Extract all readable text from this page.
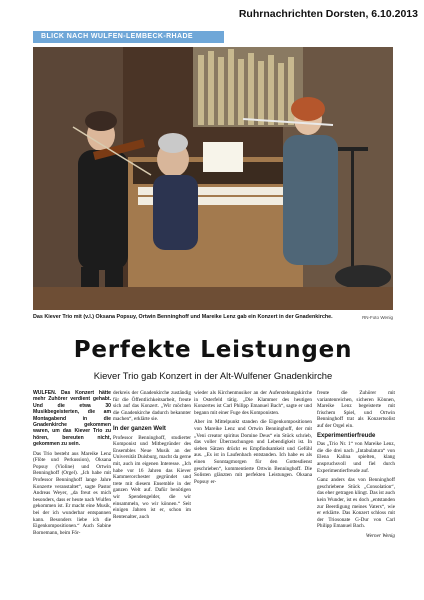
Ruhrnachrichten Dorsten, 6.10.2013
BLICK NACH WULFEN-LEMBECK-RHADE
Das Kiever Trio mit (v.l.) Oksana Popsuy, Ortwin Benninghoff und Mareike Lenz gab ein Konzert in der Gnadenkirche.	RN-Foto Wenig
Perfekte Leistungen
Kiever Trio gab Konzert in der Alt-Wulfener Gnadenkirche

WULFEN. Das Konzert hätte mehr Zuhörer verdient gehabt. Und die etwa 30 Musikbegeisterten, die am Montagabend in die Gnadenkirche gekommen waren, um das Kiever Trio zu hören, bereuten nicht, gekommen zu sein.

Das Trio besteht aus Mareike Lenz (Flöte und Perkussion), Oksana Popsuy (Violine) und Ortwin Benninghoff (Orgel). „Ich habe mit Professor Benninghoff lange Jahre Konzerte veranstaltet“, sagte Pastor Andreas Weyer, „da freut es mich besonders, dass er heute nach Wulfen gekommen ist. Er macht eine Musik, bei der ich wunderbar entspannen kann. Besonders liebe ich die Eigenkompositionen.“ Auch Sabine Bornemann, beim För-

derkreis der Gnadenkirche zuständig für die Öffentlichkeitsarbeit, freute sich auf das Konzert. „Wir möchten die Gnadenkirche dadurch bekannter machen“, erklärte sie.

In der ganzen Welt

Professor Benninghoff, studierter Komponist und Mitbegründer des Ensembles Neue Musik an der Universität Duisburg, macht da gerne mit, auch im eigenen Interesse. „Ich habe vor 16 Jahren das Kiever Kammerorchester gegründet und trete mit diesem Ensemble in der ganzen Welt auf. Dafür benötigen wir Spendengelder, die wir einsammeln, wo wir können.“ Seit einigen Jahren ist er, schon im Rentenalter, auch

wieder als Kirchenmusiker an der Auferstehungskirche in Osterfeld tätig. „Die Klammer des heutigen Konzertes ist Carl Philipp Emanuel Bach“, sagte er und begann mit einer Fuge des Komponisten.

Aber im Mittelpunkt standen die Eigenkompositionen von Mareike Lenz und Ortwin Benninghoff, der mit „Veni creator spiritus Domine Deus“ ein Stück schrieb, das voller Überraschungen und Lebendigkeit ist. In sieben Sätzen drückt es Empfindsamkeit und Gefühl aus. „Es ist in Laufenbach entstanden. Ich habe es als einen Sonntagmorgen für den Gottesdienst geschrieben“, kommentierte Ortwin Benninghoff. Die Solisten glänzten mit perfekten Leistungen. Oksana Popsuy er-

freute die Zuhörer mit variantenreichen, sicheren Können, Mareike Lenz begeisterte mit frischem Spiel, und Ortwin Benninghoff trat als Konzertsolist auf der Orgel ein.

Experimentierfreude

Das „Trio Nr. 1“ von Mareike Lenz, die die drei nach „Intabulatura“ von Elena Kalina spielten, klang anspruchsvoll und fiel durch Experimentierfreude auf.

Ganz anders das von Benninghoff geschriebene Stück „Consolation“, das eher getragen klingt. Das ist auch kein Wunder, ist es doch „entstanden zur Beerdigung meines Vaters“, wie er erklärte. Das Konzert schloss mit der Triosonate G-Dur von Carl Philipp Emanuel Bach.

Werner Wenig
